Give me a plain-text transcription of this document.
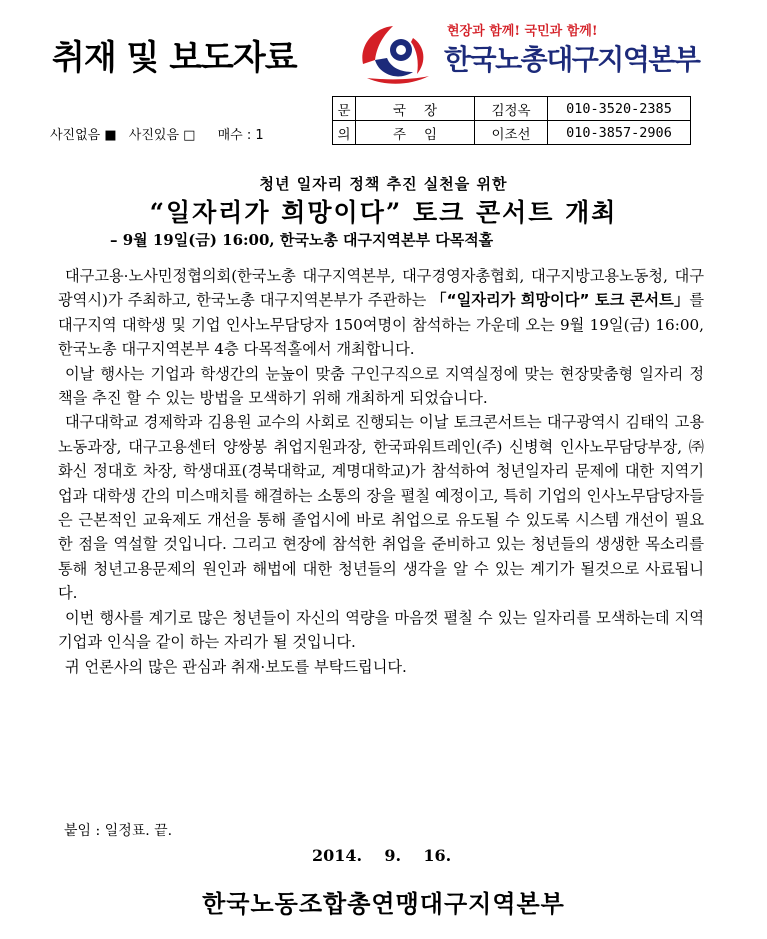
취재 및 보도자료
현장과 함께! 국민과 함께!
한국노총대구지역본부
사진없음 ■ 사진있음 □ 매수 : 1
문	국장	김정옥	010-3520-2385
의	주임	이조선	010-3857-2906
청년 일자리 정책 추진 실천을 위한
“일자리가 희망이다” 토크 콘서트 개최
– 9월 19일(금) 16:00, 한국노총 대구지역본부 다목적홀

대구고용·노사민정협의회(한국노총 대구지역본부, 대구경영자총협회, 대구지방고용노동청, 대구광역시)가 주최하고, 한국노총 대구지역본부가 주관하는 「“일자리가 희망이다” 토크 콘서트」를 대구지역 대학생 및 기업 인사노무담당자 150여명이 참석하는 가운데 오는 9월 19일(금) 16:00, 한국노총 대구지역본부 4층 다목적홀에서 개최합니다.

이날 행사는 기업과 학생간의 눈높이 맞춤 구인구직으로 지역실정에 맞는 현장맞춤형 일자리 정책을 추진 할 수 있는 방법을 모색하기 위해 개최하게 되었습니다.

대구대학교 경제학과 김용원 교수의 사회로 진행되는 이날 토크콘서트는 대구광역시 김태익 고용노동과장, 대구고용센터 양쌍봉 취업지원과장, 한국파워트레인(주) 신병혁 인사노무담당부장, ㈜화신 정대호 차장, 학생대표(경북대학교, 계명대학교)가 참석하여 청년일자리 문제에 대한 지역기업과 대학생 간의 미스매치를 해결하는 소통의 장을 펼칠 예정이고, 특히 기업의 인사노무담당자들은 근본적인 교육제도 개선을 통해 졸업시에 바로 취업으로 유도될 수 있도록 시스템 개선이 필요한 점을 역설할 것입니다. 그리고 현장에 참석한 취업을 준비하고 있는 청년들의 생생한 목소리를 통해 청년고용문제의 원인과 해법에 대한 청년들의 생각을 알 수 있는 계기가 될것으로 사료됩니다.

이번 행사를 계기로 많은 청년들이 자신의 역량을 마음껏 펼칠 수 있는 일자리를 모색하는데 지역 기업과 인식을 같이 하는 자리가 될 것입니다.

귀 언론사의 많은 관심과 취재·보도를 부탁드립니다.

붙임 : 일정표. 끝.
2014.    9.    16.
한국노동조합총연맹대구지역본부
